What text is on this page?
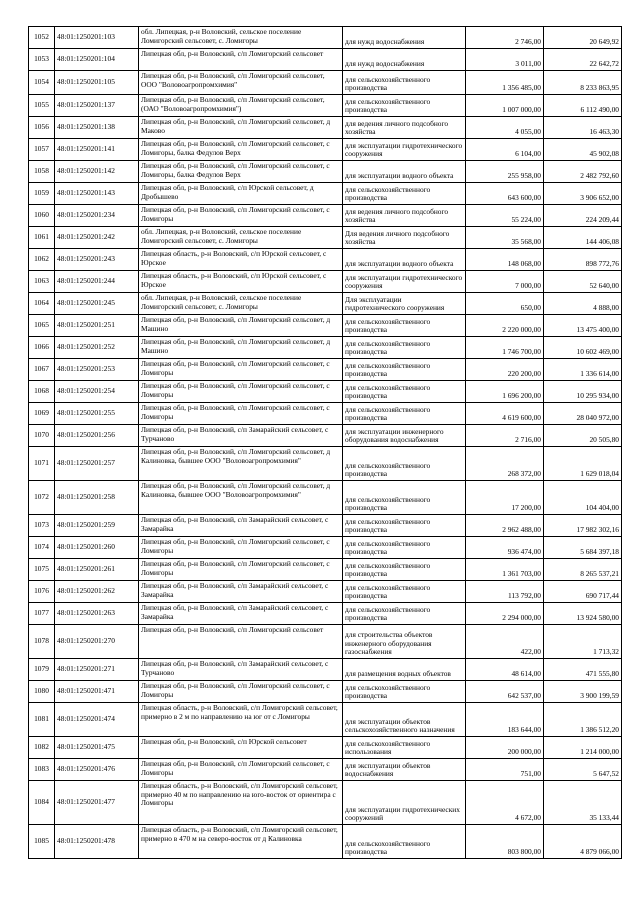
1052	48:01:1250201:103	обл. Липецкая, р-н Воловский, сельское поселение Ломигорский сельсовет, с. Ломигоры	для нужд водоснабжения	2 746,00	20 649,92
1053	48:01:1250201:104	Липецкая обл, р-н Воловский, с/п Ломигорский сельсовет	для нужд водоснабжения	3 011,00	22 642,72
1054	48:01:1250201:105	Липецкая обл, р-н Воловский, с/п Ломигорский сельсовет, ООО "Воловоагропромхимия"	для сельскохозяйственного производства	1 356 485,00	8 233 863,95
1055	48:01:1250201:137	Липецкая обл, р-н Воловский, с/п Ломигорский сельсовет, (ОАО "Воловоагропромхимия")	для сельскохозяйственного производства	1 007 000,00	6 112 490,00
1056	48:01:1250201:138	Липецкая обл, р-н Воловский, с/п Ломигорский сельсовет, д Маково	для ведения личного подсобного хозяйства	4 055,00	16 463,30
1057	48:01:1250201:141	Липецкая обл, р-н Воловский, с/п Ломигорский сельсовет, с Ломигоры, балка Федулов Верх	для эксплуатации гидротехнического сооружения	6 104,00	45 902,08
1058	48:01:1250201:142	Липецкая обл, р-н Воловский, с/п Ломигорский сельсовет, с Ломигоры, балка Федулов Верх	для эксплуатации водного объекта	255 958,00	2 482 792,60
1059	48:01:1250201:143	Липецкая обл, р-н Воловский, с/п Юрской сельсовет, д Дробышево	для сельскохозяйственного производства	643 600,00	3 906 652,00
1060	48:01:1250201:234	Липецкая обл, р-н Воловский, с/п Ломигорский сельсовет, с Ломигоры	для ведения личного подсобного хозяйства	55 224,00	224 209,44
1061	48:01:1250201:242	обл. Липецкая, р-н Воловский, сельское поселение Ломигорский сельсовет, с. Ломигоры	Для ведения личного подсобного хозяйства	35 568,00	144 406,08
1062	48:01:1250201:243	Липецкая область, р-н Воловский, с/п Юрской сельсовет, с Юрское	для эксплуатации водного объекта	148 068,00	898 772,76
1063	48:01:1250201:244	Липецкая область, р-н Воловский, с/п Юрской сельсовет, с Юрское	для эксплуатации гидротехнического сооружения	7 000,00	52 640,00
1064	48:01:1250201:245	обл. Липецкая, р-н Воловский, сельское поселение Ломигорский сельсовет, с. Ломигоры	Для эксплуатации гидротехнического сооружения	650,00	4 888,00
1065	48:01:1250201:251	Липецкая обл, р-н Воловский, с/п Ломигорский сельсовет, д Машино	для сельскохозяйственного производства	2 220 000,00	13 475 400,00
1066	48:01:1250201:252	Липецкая обл, р-н Воловский, с/п Ломигорский сельсовет, д Машино	для сельскохозяйственного производства	1 746 700,00	10 602 469,00
1067	48:01:1250201:253	Липецкая обл, р-н Воловский, с/п Ломигорский сельсовет, с Ломигоры	для сельскохозяйственного производства	220 200,00	1 336 614,00
1068	48:01:1250201:254	Липецкая обл, р-н Воловский, с/п Ломигорский сельсовет, с Ломигоры	для сельскохозяйственного производства	1 696 200,00	10 295 934,00
1069	48:01:1250201:255	Липецкая обл, р-н Воловский, с/п Ломигорский сельсовет, с Ломигоры	для сельскохозяйственного производства	4 619 600,00	28 040 972,00
1070	48:01:1250201:256	Липецкая обл, р-н Воловский, с/п Замарайский сельсовет, с Турчаново	для эксплуатации инженерного оборудования водоснабжения	2 716,00	20 505,80
1071	48:01:1250201:257	Липецкая обл, р-н Воловский, с/п Ломигорский сельсовет, д Калиновка, бывшее ООО "Воловоагропромхимия"	для сельскохозяйственного производства	268 372,00	1 629 018,04
1072	48:01:1250201:258	Липецкая обл, р-н Воловский, с/п Ломигорский сельсовет, д Калиновка, бывшее ООО "Воловоагропромхимия"	для сельскохозяйственного производства	17 200,00	104 404,00
1073	48:01:1250201:259	Липецкая обл, р-н Воловский, с/п Замарайский сельсовет, с Замарайка	для сельскохозяйственного производства	2 962 488,00	17 982 302,16
1074	48:01:1250201:260	Липецкая обл, р-н Воловский, с/п Ломигорский сельсовет, с Ломигоры	для сельскохозяйственного производства	936 474,00	5 684 397,18
1075	48:01:1250201:261	Липецкая обл, р-н Воловский, с/п Ломигорский сельсовет, с Ломигоры	для сельскохозяйственного производства	1 361 703,00	8 265 537,21
1076	48:01:1250201:262	Липецкая обл, р-н Воловский, с/п Замарайский сельсовет, с Замарайка	для сельскохозяйственного производства	113 792,00	690 717,44
1077	48:01:1250201:263	Липецкая обл, р-н Воловский, с/п Замарайский сельсовет, с Замарайка	для сельскохозяйственного производства	2 294 000,00	13 924 580,00
1078	48:01:1250201:270	Липецкая обл, р-н Воловский, с/п Ломигорский сельсовет	для строительства объектов инженерного оборудования газоснабжения	422,00	1 713,32
1079	48:01:1250201:271	Липецкая обл, р-н Воловский, с/п Замарайский сельсовет, с Турчаново	для размещения водных объектов	48 614,00	471 555,80
1080	48:01:1250201:471	Липецкая обл, р-н Воловский, с/п Ломигорский сельсовет, с Ломигоры	для сельскохозяйственного производства	642 537,00	3 900 199,59
1081	48:01:1250201:474	Липецкая область, р-н Воловский, с/п Ломигорский сельсовет, примерно в 2 м по направлению на юг от с Ломигоры	для эксплуатации объектов сельскохозяйственного назначения	183 644,00	1 386 512,20
1082	48:01:1250201:475	Липецкая обл, р-н Воловский, с/п Юрской сельсовет	для сельскохозяйственного использования	200 000,00	1 214 000,00
1083	48:01:1250201:476	Липецкая обл, р-н Воловский, с/п Ломигорский сельсовет, с Ломигоры	для эксплуатации объектов водоснабжения	751,00	5 647,52
1084	48:01:1250201:477	Липецкая область, р-н Воловский, с/п Ломигорский сельсовет, примерно 40 м по направлению на юго-восток от ориентира с Ломигоры	для эксплуатации гидротехнических сооружений	4 672,00	35 133,44
1085	48:01:1250201:478	Липецкая область, р-н Воловский, с/п Ломигорский сельсовет, примерно в 470 м на северо-восток от д Калиновка	для сельскохозяйственного производства	803 800,00	4 879 066,00
